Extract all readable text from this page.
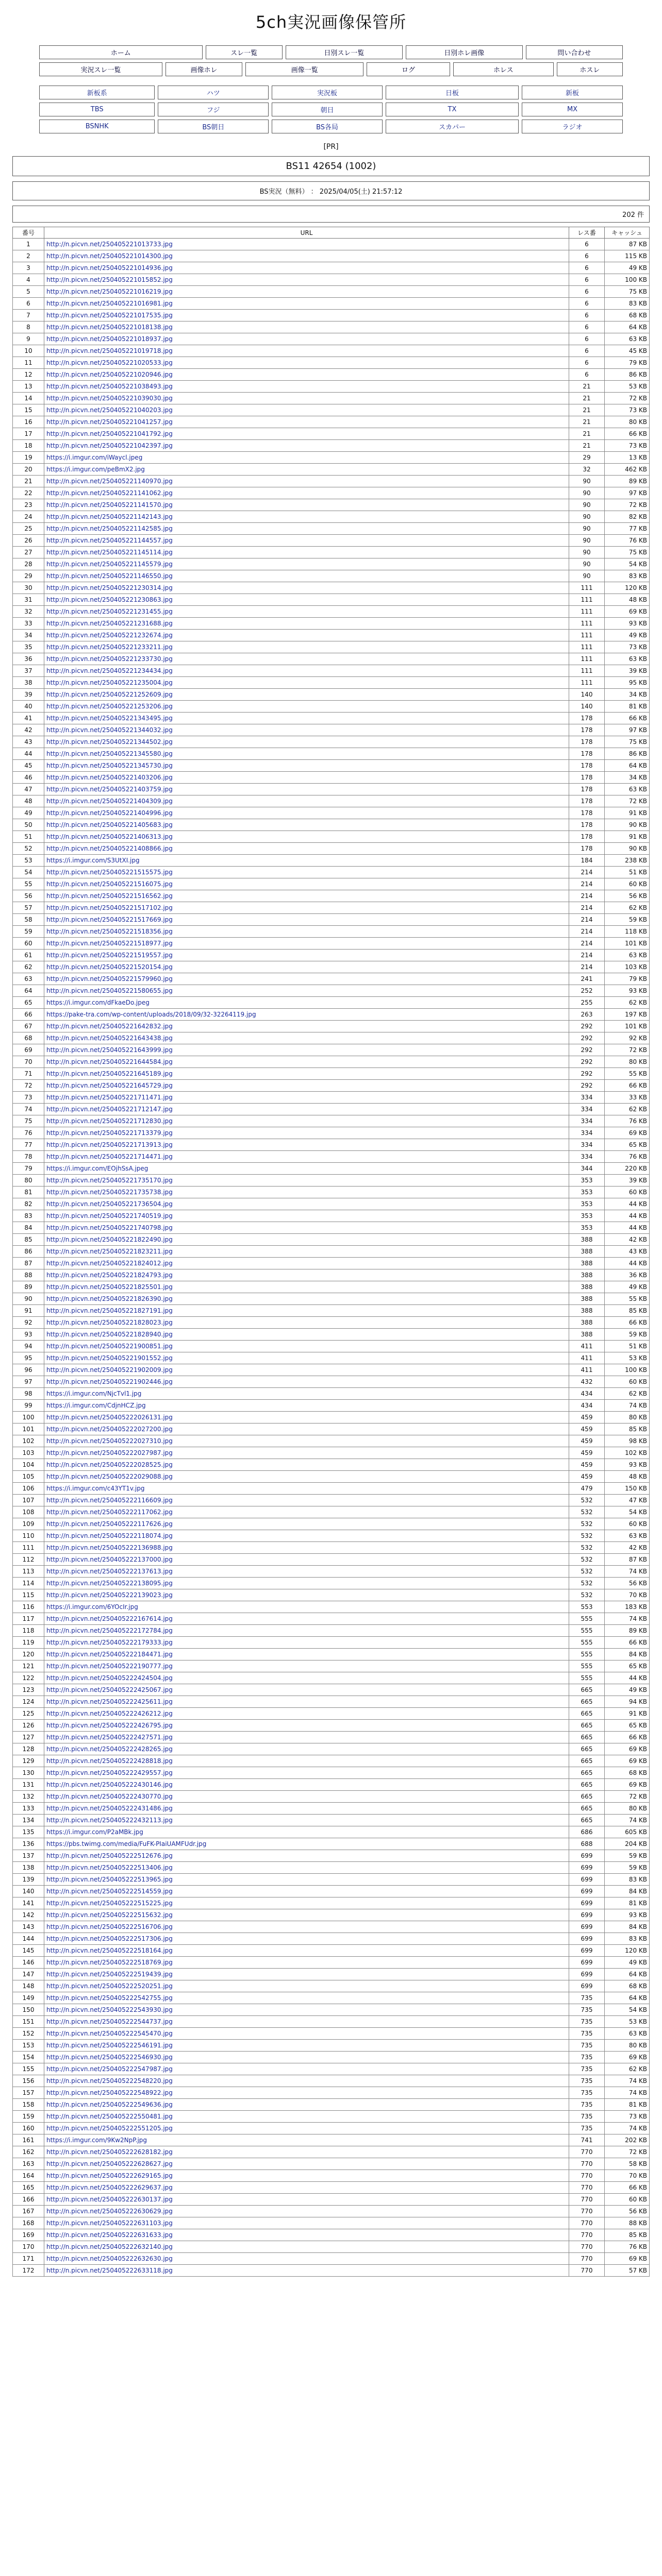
5ch実況画像保管所
ホーム		スレ一覧		日別スレ一覧		日別ホレ画像		問い合わせ	

実況スレ一覧	画像ホレ		画像一覧		ログ		ホレス		ホスレ
新板系	ハツ	実況板	日板	新板

TBS	フジ	朝日	TX	MX

BSNHK	BS朝日	BS各局	スカパー	ラジオ
[PR]
BS11 42654 (1002)
BS実況（無料） ： 2025/04/05(土) 21:57:12
202 件
番号	URL	レス番	キャッシュ
1	http://n.picvn.net/250405221013733.jpg	6	87 KB
2	http://n.picvn.net/250405221014300.jpg	6	115 KB
3	http://n.picvn.net/250405221014936.jpg	6	49 KB
4	http://n.picvn.net/250405221015852.jpg	6	100 KB
5	http://n.picvn.net/250405221016219.jpg	6	75 KB
6	http://n.picvn.net/250405221016981.jpg	6	83 KB
7	http://n.picvn.net/250405221017535.jpg	6	68 KB
8	http://n.picvn.net/250405221018138.jpg	6	64 KB
9	http://n.picvn.net/250405221018937.jpg	6	63 KB
10	http://n.picvn.net/250405221019718.jpg	6	45 KB
11	http://n.picvn.net/250405221020533.jpg	6	79 KB
12	http://n.picvn.net/250405221020946.jpg	6	86 KB
13	http://n.picvn.net/250405221038493.jpg	21	53 KB
14	http://n.picvn.net/250405221039030.jpg	21	72 KB
15	http://n.picvn.net/250405221040203.jpg	21	73 KB
16	http://n.picvn.net/250405221041257.jpg	21	80 KB
17	http://n.picvn.net/250405221041792.jpg	21	66 KB
18	http://n.picvn.net/250405221042397.jpg	21	73 KB
19	https://i.imgur.com/iWaycl.jpeg	29	13 KB
20	https://i.imgur.com/peBmX2.jpg	32	462 KB
21	http://n.picvn.net/250405221140970.jpg	90	89 KB
22	http://n.picvn.net/250405221141062.jpg	90	97 KB
23	http://n.picvn.net/250405221141570.jpg	90	72 KB
24	http://n.picvn.net/250405221142143.jpg	90	82 KB
25	http://n.picvn.net/250405221142585.jpg	90	77 KB
26	http://n.picvn.net/250405221144557.jpg	90	76 KB
27	http://n.picvn.net/250405221145114.jpg	90	75 KB
28	http://n.picvn.net/250405221145579.jpg	90	54 KB
29	http://n.picvn.net/250405221146550.jpg	90	83 KB
30	http://n.picvn.net/250405221230314.jpg	111	120 KB
31	http://n.picvn.net/250405221230863.jpg	111	48 KB
32	http://n.picvn.net/250405221231455.jpg	111	69 KB
33	http://n.picvn.net/250405221231688.jpg	111	93 KB
34	http://n.picvn.net/250405221232674.jpg	111	49 KB
35	http://n.picvn.net/250405221233211.jpg	111	73 KB
36	http://n.picvn.net/250405221233730.jpg	111	63 KB
37	http://n.picvn.net/250405221234434.jpg	111	39 KB
38	http://n.picvn.net/250405221235004.jpg	111	95 KB
39	http://n.picvn.net/250405221252609.jpg	140	34 KB
40	http://n.picvn.net/250405221253206.jpg	140	81 KB
41	http://n.picvn.net/250405221343495.jpg	178	66 KB
42	http://n.picvn.net/250405221344032.jpg	178	97 KB
43	http://n.picvn.net/250405221344502.jpg	178	75 KB
44	http://n.picvn.net/250405221345580.jpg	178	86 KB
45	http://n.picvn.net/250405221345730.jpg	178	64 KB
46	http://n.picvn.net/250405221403206.jpg	178	34 KB
47	http://n.picvn.net/250405221403759.jpg	178	63 KB
48	http://n.picvn.net/250405221404309.jpg	178	72 KB
49	http://n.picvn.net/250405221404996.jpg	178	91 KB
50	http://n.picvn.net/250405221405683.jpg	178	90 KB
51	http://n.picvn.net/250405221406313.jpg	178	91 KB
52	http://n.picvn.net/250405221408866.jpg	178	90 KB
53	https://i.imgur.com/S3UtXI.jpg	184	238 KB
54	http://n.picvn.net/250405221515575.jpg	214	51 KB
55	http://n.picvn.net/250405221516075.jpg	214	60 KB
56	http://n.picvn.net/250405221516562.jpg	214	56 KB
57	http://n.picvn.net/250405221517102.jpg	214	62 KB
58	http://n.picvn.net/250405221517669.jpg	214	59 KB
59	http://n.picvn.net/250405221518356.jpg	214	118 KB
60	http://n.picvn.net/250405221518977.jpg	214	101 KB
61	http://n.picvn.net/250405221519557.jpg	214	63 KB
62	http://n.picvn.net/250405221520154.jpg	214	103 KB
63	http://n.picvn.net/250405221579960.jpg	241	79 KB
64	http://n.picvn.net/250405221580655.jpg	252	93 KB
65	https://i.imgur.com/dFkaeDo.jpeg	255	62 KB
66	https://pake-tra.com/wp-content/uploads/2018/09/32-32264119.jpg	263	197 KB
67	http://n.picvn.net/250405221642832.jpg	292	101 KB
68	http://n.picvn.net/250405221643438.jpg	292	92 KB
69	http://n.picvn.net/250405221643999.jpg	292	72 KB
70	http://n.picvn.net/250405221644584.jpg	292	80 KB
71	http://n.picvn.net/250405221645189.jpg	292	55 KB
72	http://n.picvn.net/250405221645729.jpg	292	66 KB
73	http://n.picvn.net/250405221711471.jpg	334	33 KB
74	http://n.picvn.net/250405221712147.jpg	334	62 KB
75	http://n.picvn.net/250405221712830.jpg	334	76 KB
76	http://n.picvn.net/250405221713379.jpg	334	69 KB
77	http://n.picvn.net/250405221713913.jpg	334	65 KB
78	http://n.picvn.net/250405221714471.jpg	334	76 KB
79	https://i.imgur.com/EOjhSsA.jpeg	344	220 KB
80	http://n.picvn.net/250405221735170.jpg	353	39 KB
81	http://n.picvn.net/250405221735738.jpg	353	60 KB
82	http://n.picvn.net/250405221736504.jpg	353	44 KB
83	http://n.picvn.net/250405221740519.jpg	353	44 KB
84	http://n.picvn.net/250405221740798.jpg	353	44 KB
85	http://n.picvn.net/250405221822490.jpg	388	42 KB
86	http://n.picvn.net/250405221823211.jpg	388	43 KB
87	http://n.picvn.net/250405221824012.jpg	388	44 KB
88	http://n.picvn.net/250405221824793.jpg	388	36 KB
89	http://n.picvn.net/250405221825501.jpg	388	49 KB
90	http://n.picvn.net/250405221826390.jpg	388	55 KB
91	http://n.picvn.net/250405221827191.jpg	388	85 KB
92	http://n.picvn.net/250405221828023.jpg	388	66 KB
93	http://n.picvn.net/250405221828940.jpg	388	59 KB
94	http://n.picvn.net/250405221900851.jpg	411	51 KB
95	http://n.picvn.net/250405221901552.jpg	411	53 KB
96	http://n.picvn.net/250405221902009.jpg	411	100 KB
97	http://n.picvn.net/250405221902446.jpg	432	60 KB
98	https://i.imgur.com/NjcTvl1.jpg	434	62 KB
99	https://i.imgur.com/CdjnHCZ.jpg	434	74 KB
100	http://n.picvn.net/250405222026131.jpg	459	80 KB
101	http://n.picvn.net/250405222027200.jpg	459	85 KB
102	http://n.picvn.net/250405222027310.jpg	459	98 KB
103	http://n.picvn.net/250405222027987.jpg	459	102 KB
104	http://n.picvn.net/250405222028525.jpg	459	93 KB
105	http://n.picvn.net/250405222029088.jpg	459	48 KB
106	https://i.imgur.com/c43YT1v.jpg	479	150 KB
107	http://n.picvn.net/250405222116609.jpg	532	47 KB
108	http://n.picvn.net/250405222117062.jpg	532	54 KB
109	http://n.picvn.net/250405222117626.jpg	532	60 KB
110	http://n.picvn.net/250405222118074.jpg	532	63 KB
111	http://n.picvn.net/250405222136988.jpg	532	42 KB
112	http://n.picvn.net/250405222137000.jpg	532	87 KB
113	http://n.picvn.net/250405222137613.jpg	532	74 KB
114	http://n.picvn.net/250405222138095.jpg	532	56 KB
115	http://n.picvn.net/250405222139023.jpg	532	70 KB
116	https://i.imgur.com/6YOcIr.jpg	553	183 KB
117	http://n.picvn.net/250405222167614.jpg	555	74 KB
118	http://n.picvn.net/250405222172784.jpg	555	89 KB
119	http://n.picvn.net/250405222179333.jpg	555	66 KB
120	http://n.picvn.net/250405222184471.jpg	555	84 KB
121	http://n.picvn.net/250405222190777.jpg	555	65 KB
122	http://n.picvn.net/250405222424504.jpg	555	44 KB
123	http://n.picvn.net/250405222425067.jpg	665	49 KB
124	http://n.picvn.net/250405222425611.jpg	665	94 KB
125	http://n.picvn.net/250405222426212.jpg	665	91 KB
126	http://n.picvn.net/250405222426795.jpg	665	65 KB
127	http://n.picvn.net/250405222427571.jpg	665	66 KB
128	http://n.picvn.net/250405222428265.jpg	665	69 KB
129	http://n.picvn.net/250405222428818.jpg	665	69 KB
130	http://n.picvn.net/250405222429557.jpg	665	68 KB
131	http://n.picvn.net/250405222430146.jpg	665	69 KB
132	http://n.picvn.net/250405222430770.jpg	665	72 KB
133	http://n.picvn.net/250405222431486.jpg	665	80 KB
134	http://n.picvn.net/250405222432113.jpg	665	74 KB
135	https://i.imgur.com/P2aMBk.jpg	686	605 KB
136	https://pbs.twimg.com/media/FuFK-PIaiUAMFUdr.jpg	688	204 KB
137	http://n.picvn.net/250405222512676.jpg	699	59 KB
138	http://n.picvn.net/250405222513406.jpg	699	59 KB
139	http://n.picvn.net/250405222513965.jpg	699	83 KB
140	http://n.picvn.net/250405222514559.jpg	699	84 KB
141	http://n.picvn.net/250405222515225.jpg	699	81 KB
142	http://n.picvn.net/250405222515632.jpg	699	93 KB
143	http://n.picvn.net/250405222516706.jpg	699	84 KB
144	http://n.picvn.net/250405222517306.jpg	699	83 KB
145	http://n.picvn.net/250405222518164.jpg	699	120 KB
146	http://n.picvn.net/250405222518769.jpg	699	49 KB
147	http://n.picvn.net/250405222519439.jpg	699	64 KB
148	http://n.picvn.net/250405222520251.jpg	699	68 KB
149	http://n.picvn.net/250405222542755.jpg	735	64 KB
150	http://n.picvn.net/250405222543930.jpg	735	54 KB
151	http://n.picvn.net/250405222544737.jpg	735	53 KB
152	http://n.picvn.net/250405222545470.jpg	735	63 KB
153	http://n.picvn.net/250405222546191.jpg	735	80 KB
154	http://n.picvn.net/250405222546930.jpg	735	69 KB
155	http://n.picvn.net/250405222547987.jpg	735	62 KB
156	http://n.picvn.net/250405222548220.jpg	735	74 KB
157	http://n.picvn.net/250405222548922.jpg	735	74 KB
158	http://n.picvn.net/250405222549636.jpg	735	81 KB
159	http://n.picvn.net/250405222550481.jpg	735	73 KB
160	http://n.picvn.net/250405222551205.jpg	735	74 KB
161	https://i.imgur.com/9Kw2NpP.jpg	741	202 KB
162	http://n.picvn.net/250405222628182.jpg	770	72 KB
163	http://n.picvn.net/250405222628627.jpg	770	58 KB
164	http://n.picvn.net/250405222629165.jpg	770	70 KB
165	http://n.picvn.net/250405222629637.jpg	770	66 KB
166	http://n.picvn.net/250405222630137.jpg	770	60 KB
167	http://n.picvn.net/250405222630629.jpg	770	56 KB
168	http://n.picvn.net/250405222631103.jpg	770	88 KB
169	http://n.picvn.net/250405222631633.jpg	770	85 KB
170	http://n.picvn.net/250405222632140.jpg	770	76 KB
171	http://n.picvn.net/250405222632630.jpg	770	69 KB
172	http://n.picvn.net/250405222633118.jpg	770	57 KB
